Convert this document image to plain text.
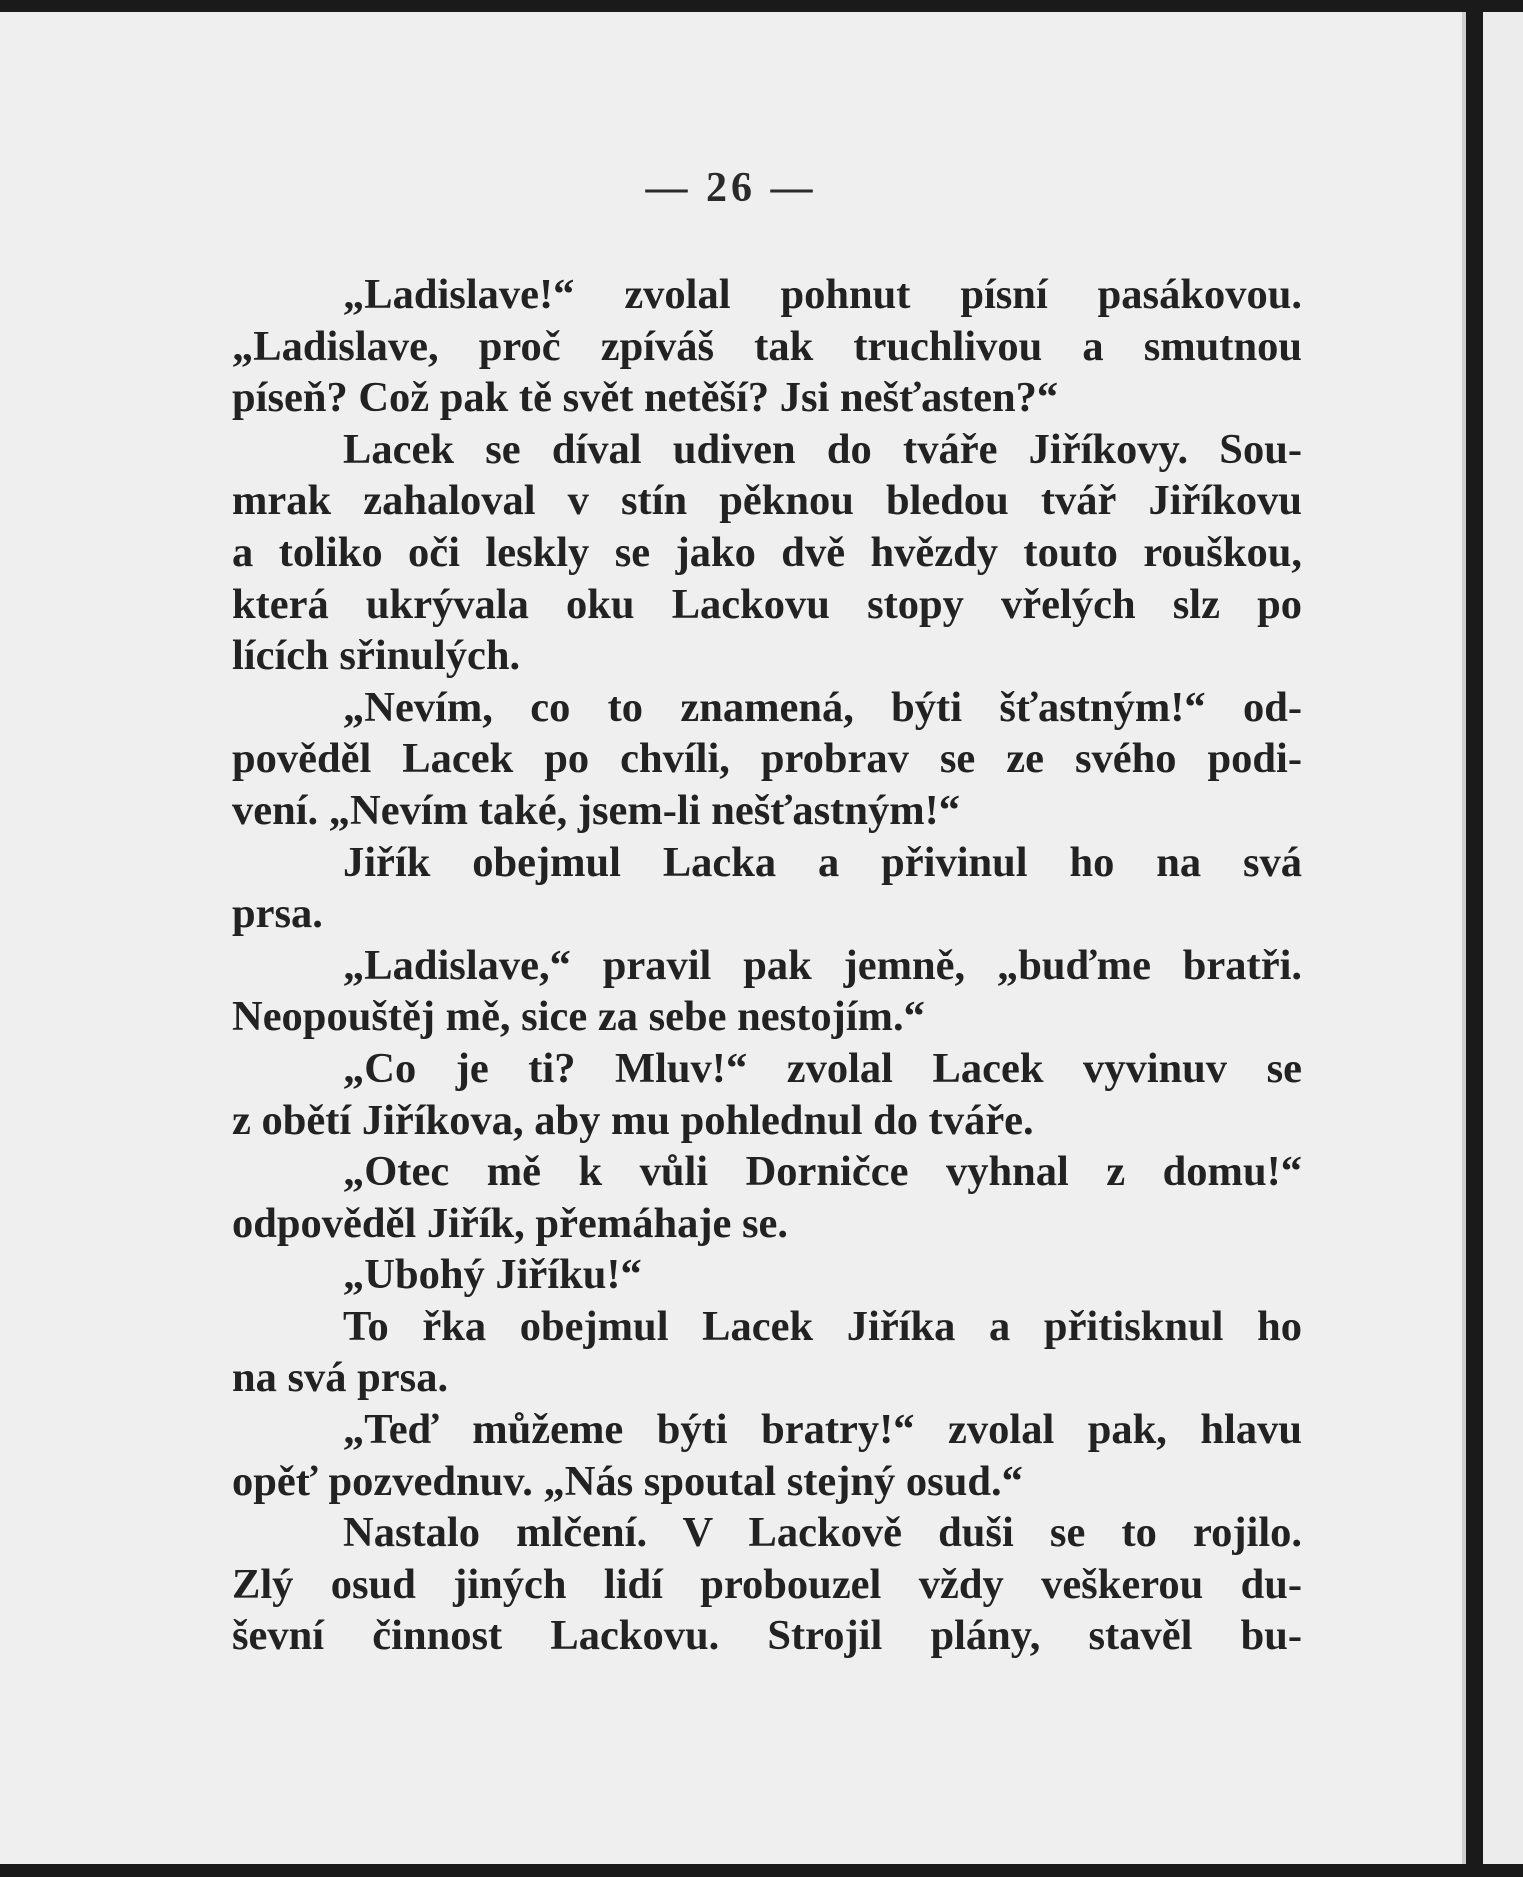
— 26 —
„Ladislave!“ zvolal pohnut písní pasákovou.
„Ladislave, proč zpíváš tak truchlivou a smutnou
píseň? Což pak tě svět netěší? Jsi nešťasten?“
Lacek se díval udiven do tváře Jiříkovy. Sou-
mrak zahaloval v stín pěknou bledou tvář Jiříkovu
a toliko oči leskly se jako dvě hvězdy touto rouškou,
která ukrývala oku Lackovu stopy vřelých slz po
lících sřinulých.
„Nevím, co to znamená, býti šťastným!“ od-
pověděl Lacek po chvíli, probrav se ze svého podi-
vení. „Nevím také, jsem-li nešťastným!“
Jiřík obejmul Lacka a přivinul ho na svá
prsa.
„Ladislave,“ pravil pak jemně, „buďme bratři.
Neopouštěj mě, sice za sebe nestojím.“
„Co je ti? Mluv!“ zvolal Lacek vyvinuv se
z obětí Jiříkova, aby mu pohlednul do tváře.
„Otec mě k vůli Dorničce vyhnal z domu!“
odpověděl Jiřík, přemáhaje se.
„Ubohý Jiříku!“
To řka obejmul Lacek Jiříka a přitisknul ho
na svá prsa.
„Teď můžeme býti bratry!“ zvolal pak, hlavu
opěť pozvednuv. „Nás spoutal stejný osud.“
Nastalo mlčení. V Lackově duši se to rojilo.
Zlý osud jiných lidí probouzel vždy veškerou du-
ševní činnost Lackovu. Strojil plány, stavěl bu-
